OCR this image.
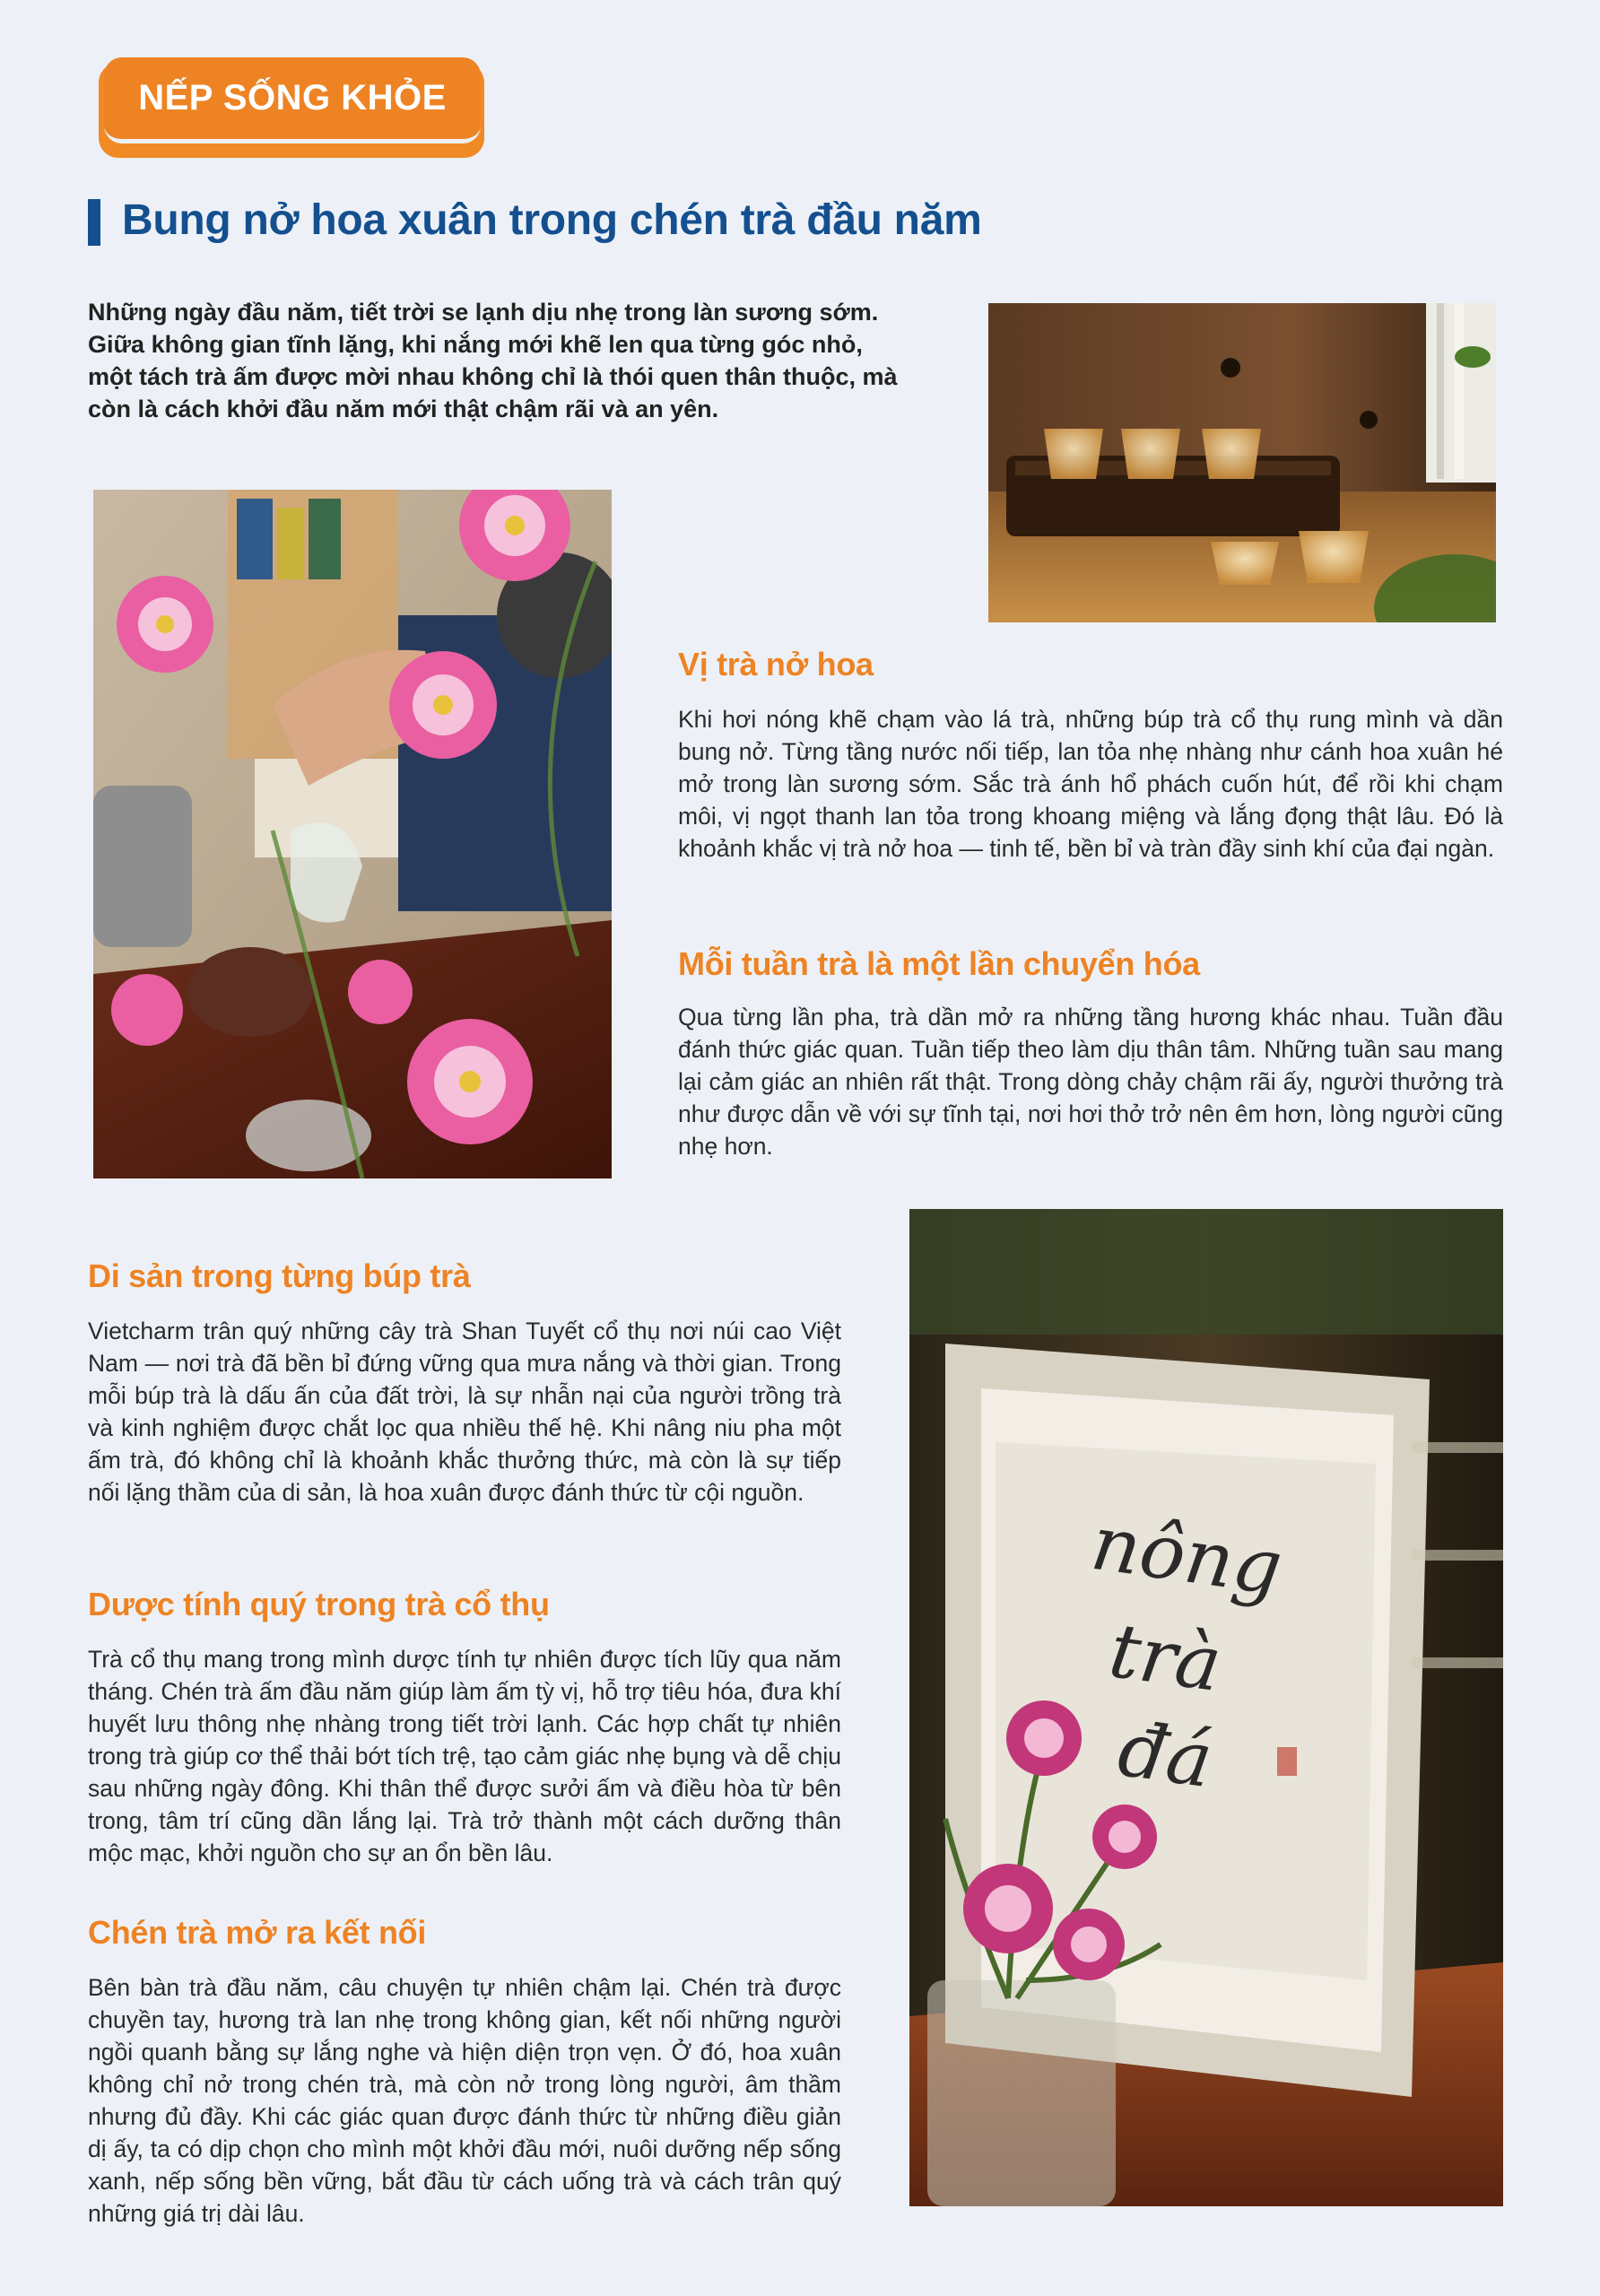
NẾP SỐNG KHỎE
Bung nở hoa xuân trong chén trà đầu năm
Những ngày đầu năm, tiết trời se lạnh dịu nhẹ trong làn sương sớm. Giữa không gian tĩnh lặng, khi nắng mới khẽ len qua từng góc nhỏ, một tách trà ấm được mời nhau không chỉ là thói quen thân thuộc, mà còn là cách khởi đầu năm mới thật chậm rãi và an yên.
nông
trà
đá
Vị trà nở hoa

Khi hơi nóng khẽ chạm vào lá trà, những búp trà cổ thụ rung mình và dần bung nở. Từng tầng nước nối tiếp, lan tỏa nhẹ nhàng như cánh hoa xuân hé mở trong làn sương sớm. Sắc trà ánh hổ phách cuốn hút, để rồi khi chạm môi, vị ngọt thanh lan tỏa trong khoang miệng và lắng đọng thật lâu. Đó là khoảnh khắc vị trà nở hoa — tinh tế, bền bỉ và tràn đầy sinh khí của đại ngàn.

Mỗi tuần trà là một lần chuyển hóa

Qua từng lần pha, trà dần mở ra những tầng hương khác nhau. Tuần đầu đánh thức giác quan. Tuần tiếp theo làm dịu thân tâm. Những tuần sau mang lại cảm giác an nhiên rất thật. Trong dòng chảy chậm rãi ấy, người thưởng trà như được dẫn về với sự tĩnh tại, nơi hơi thở trở nên êm hơn, lòng người cũng nhẹ hơn.

Di sản trong từng búp trà

Vietcharm trân quý những cây trà Shan Tuyết cổ thụ nơi núi cao Việt Nam — nơi trà đã bền bỉ đứng vững qua mưa nắng và thời gian. Trong mỗi búp trà là dấu ấn của đất trời, là sự nhẫn nại của người trồng trà và kinh nghiệm được chắt lọc qua nhiều thế hệ. Khi nâng niu pha một ấm trà, đó không chỉ là khoảnh khắc thưởng thức, mà còn là sự tiếp nối lặng thầm của di sản, là hoa xuân được đánh thức từ cội nguồn.

Dược tính quý trong trà cổ thụ

Trà cổ thụ mang trong mình dược tính tự nhiên được tích lũy qua năm tháng. Chén trà ấm đầu năm giúp làm ấm tỳ vị, hỗ trợ tiêu hóa, đưa khí huyết lưu thông nhẹ nhàng trong tiết trời lạnh. Các hợp chất tự nhiên trong trà giúp cơ thể thải bớt tích trệ, tạo cảm giác nhẹ bụng và dễ chịu sau những ngày đông. Khi thân thể được sưởi ấm và điều hòa từ bên trong, tâm trí cũng dần lắng lại. Trà trở thành một cách dưỡng thân mộc mạc, khởi nguồn cho sự an ổn bền lâu.

Chén trà mở ra kết nối

Bên bàn trà đầu năm, câu chuyện tự nhiên chậm lại. Chén trà được chuyền tay, hương trà lan nhẹ trong không gian, kết nối những người ngồi quanh bằng sự lắng nghe và hiện diện trọn vẹn. Ở đó, hoa xuân không chỉ nở trong chén trà, mà còn nở trong lòng người, âm thầm nhưng đủ đầy. Khi các giác quan được đánh thức từ những điều giản dị ấy, ta có dịp chọn cho mình một khởi đầu mới, nuôi dưỡng nếp sống xanh, nếp sống bền vững, bắt đầu từ cách uống trà và cách trân quý những giá trị dài lâu.
